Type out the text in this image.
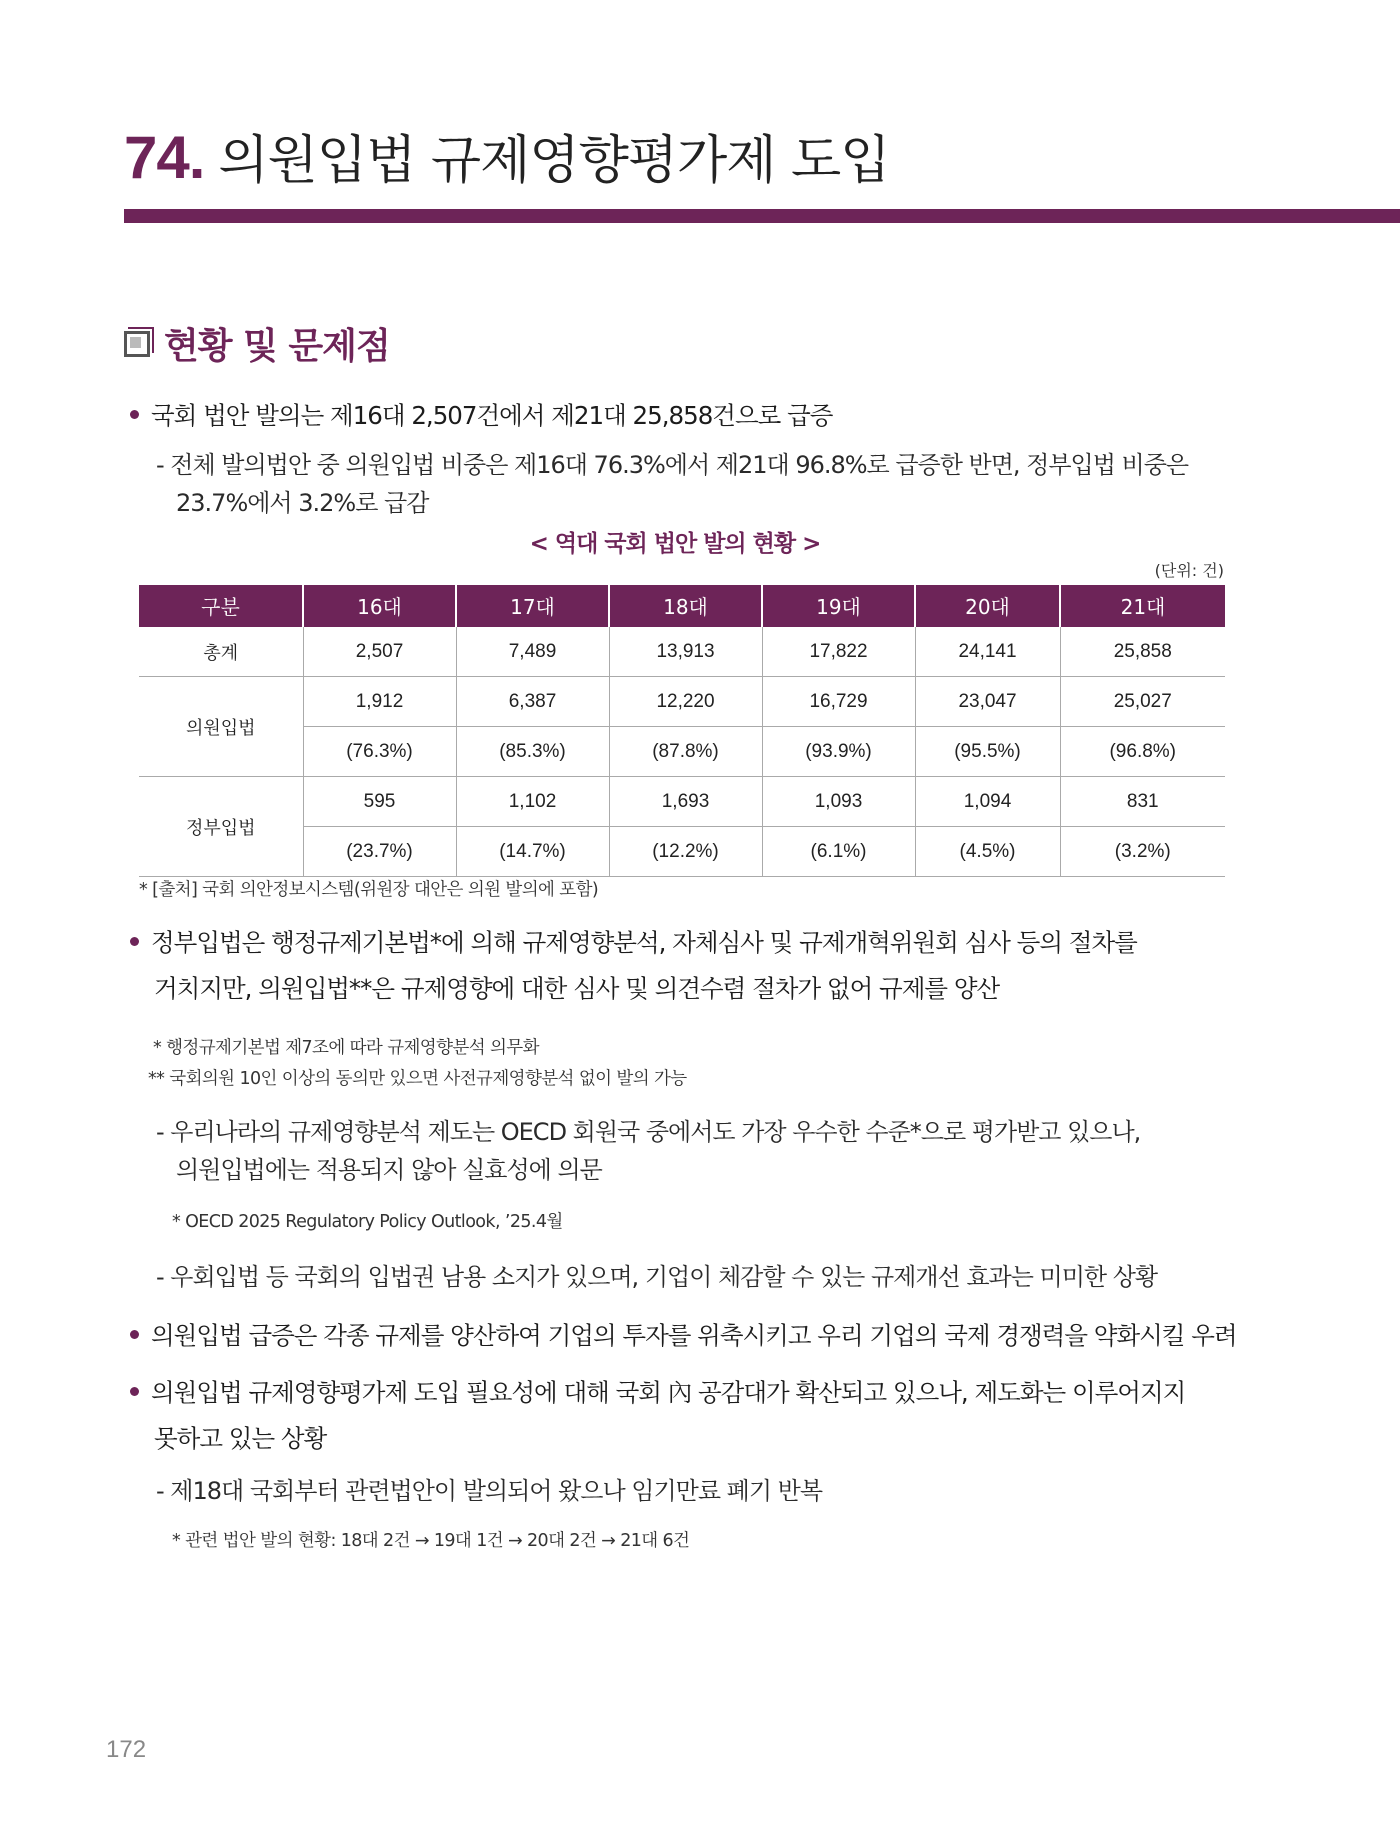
74. 의원입법 규제영향평가제 도입
현황 및 문제점
국회 법안 발의는 제16대 2,507건에서 제21대 25,858건으로 급증
- 전체 발의법안 중 의원입법 비중은 제16대 76.3%에서 제21대 96.8%로 급증한 반면, 정부입법 비중은
23.7%에서 3.2%로 급감
< 역대 국회 법안 발의 현황 >
(단위: 건)
구분	16대	17대	18대	19대	20대	21대
총계	2,507	7,489	13,913	17,822	24,141	25,858
의원입법	1,912	6,387	12,220	16,729	23,047	25,027
	(76.3%)	(85.3%)	(87.8%)	(93.9%)	(95.5%)	(96.8%)
정부입법	595	1,102	1,693	1,093	1,094	831
	(23.7%)	(14.7%)	(12.2%)	(6.1%)	(4.5%)	(3.2%)
* [출처] 국회 의안정보시스템(위원장 대안은 의원 발의에 포함)
정부입법은 행정규제기본법*에 의해 규제영향분석, 자체심사 및 규제개혁위원회 심사 등의 절차를
거치지만, 의원입법**은 규제영향에 대한 심사 및 의견수렴 절차가 없어 규제를 양산
* 행정규제기본법 제7조에 따라 규제영향분석 의무화
** 국회의원 10인 이상의 동의만 있으면 사전규제영향분석 없이 발의 가능
- 우리나라의 규제영향분석 제도는 OECD 회원국 중에서도 가장 우수한 수준*으로 평가받고 있으나,
의원입법에는 적용되지 않아 실효성에 의문
* OECD 2025 Regulatory Policy Outlook, ’25.4월
- 우회입법 등 국회의 입법권 남용 소지가 있으며, 기업이 체감할 수 있는 규제개선 효과는 미미한 상황
의원입법 급증은 각종 규제를 양산하여 기업의 투자를 위축시키고 우리 기업의 국제 경쟁력을 약화시킬 우려
의원입법 규제영향평가제 도입 필요성에 대해 국회 內 공감대가 확산되고 있으나, 제도화는 이루어지지
못하고 있는 상황
- 제18대 국회부터 관련법안이 발의되어 왔으나 임기만료 폐기 반복
* 관련 법안 발의 현황: 18대 2건 → 19대 1건 → 20대 2건 → 21대 6건
172
